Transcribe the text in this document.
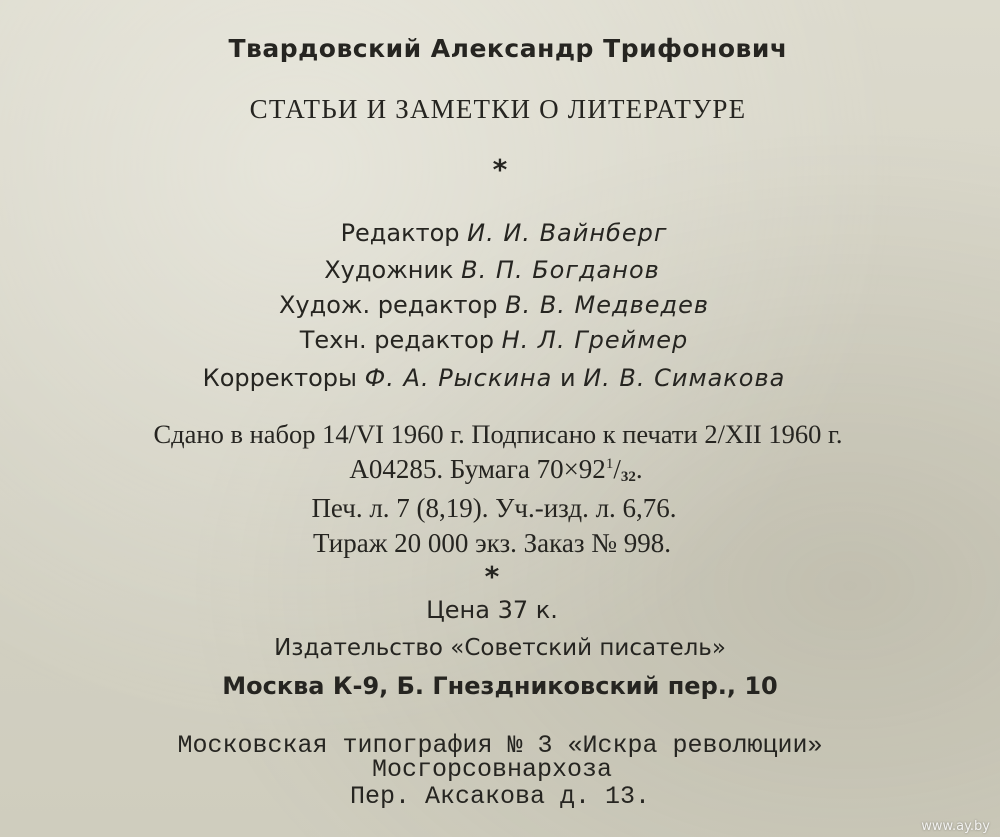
Твардовский Александр Трифонович
СТАТЬИ И ЗАМЕТКИ О ЛИТЕРАТУРЕ
*
Редактор И. И. Вайнберг
Художник В. П. Богданов
Худож. редактор В. В. Медведев
Техн. редактор Н. Л. Греймер
Корректоры Ф. А. Рыскина и И. В. Симакова
Сдано в набор 14/VI 1960 г. Подписано к печати 2/XII 1960 г.
А04285. Бумага $70\times 92^1/_{32}$.
Печ. л. 7 (8,19). Уч.-изд. л. 6,76.
Тираж 20 000 экз. Заказ № 998.
*
Цена 37 к.
Издательство «Советский писатель»
Москва К-9, Б. Гнездниковский пер., 10
Московская типография № 3 «Искра революции»
Мосгорсовнархоза
Пер. Аксакова д. 13.
www.ay.by
